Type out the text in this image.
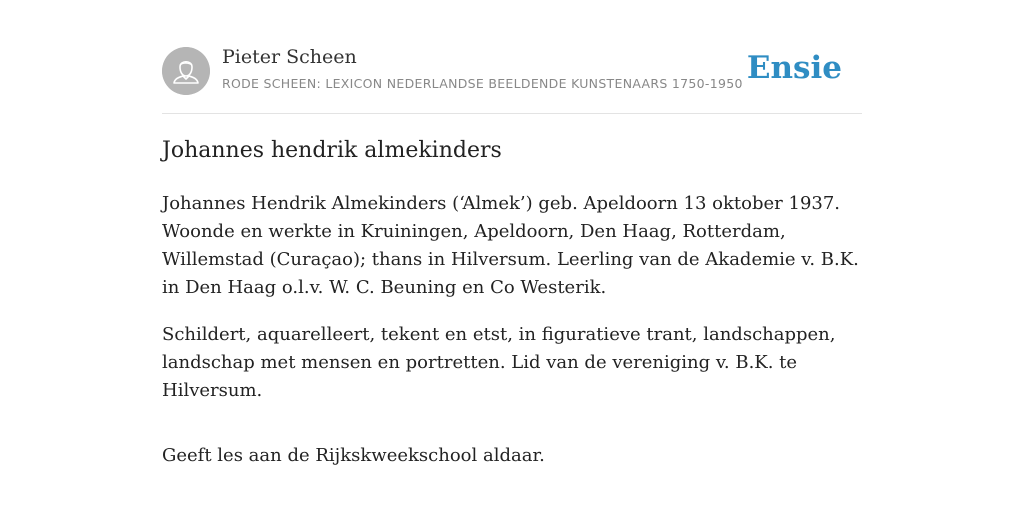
Pieter Scheen
RODE SCHEEN: LEXICON NEDERLANDSE BEELDENDE KUNSTENAARS 1750-1950 Ensie
Johannes hendrik almekinders

Johannes Hendrik Almekinders (‘Almek’) geb. Apeldoorn 13 oktober 1937. Woonde en werkte in Kruiningen, Apeldoorn, Den Haag, Rotterdam, Willemstad (Curaçao); thans in Hilversum. Leerling van de Akademie v. B.K. in Den Haag o.l.v. W. C. Beuning en Co Westerik.

Schildert, aquarelleert, tekent en etst, in figuratieve trant, landschappen, landschap met mensen en portretten. Lid van de vereniging v. B.K. te Hilversum.

Geeft les aan de Rijkskweekschool aldaar.
